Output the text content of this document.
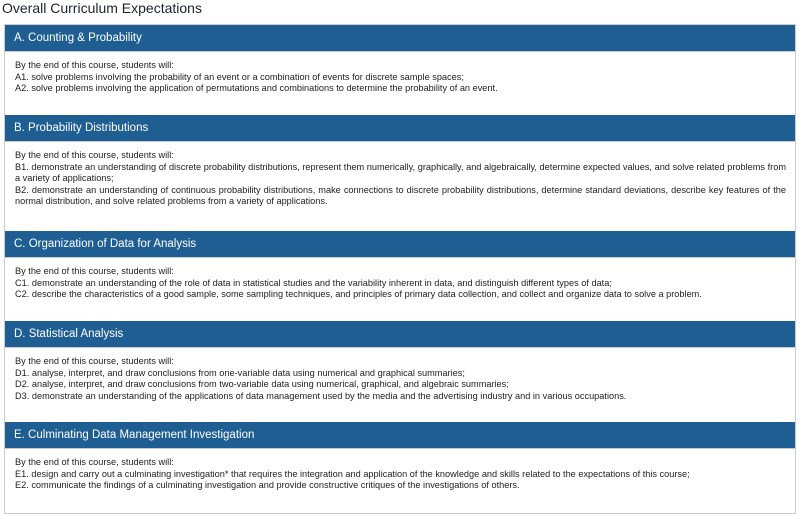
Overall Curriculum Expectations
A. Counting & Probability
By the end of this course, students will:
A1. solve problems involving the probability of an event or a combination of events for discrete sample spaces;
A2. solve problems involving the application of permutations and combinations to determine the probability of an event.
B. Probability Distributions
By the end of this course, students will:
B1. demonstrate an understanding of discrete probability distributions, represent them numerically, graphically, and algebraically, determine expected values, and solve related problems from a variety of applications;
B2. demonstrate an understanding of continuous probability distributions, make connections to discrete probability distributions, determine standard deviations, describe key features of the normal distribution, and solve related problems from a variety of applications.
C. Organization of Data for Analysis
By the end of this course, students will:
C1. demonstrate an understanding of the role of data in statistical studies and the variability inherent in data, and distinguish different types of data;
C2. describe the characteristics of a good sample, some sampling techniques, and principles of primary data collection, and collect and organize data to solve a problem.
D. Statistical Analysis
By the end of this course, students will:
D1. analyse, interpret, and draw conclusions from one-variable data using numerical and graphical summaries;
D2. analyse, interpret, and draw conclusions from two-variable data using numerical, graphical, and algebraic summaries;
D3. demonstrate an understanding of the applications of data management used by the media and the advertising industry and in various occupations.
E. Culminating Data Management Investigation
By the end of this course, students will:
E1. design and carry out a culminating investigation* that requires the integration and application of the knowledge and skills related to the expectations of this course;
E2. communicate the findings of a culminating investigation and provide constructive critiques of the investigations of others.
